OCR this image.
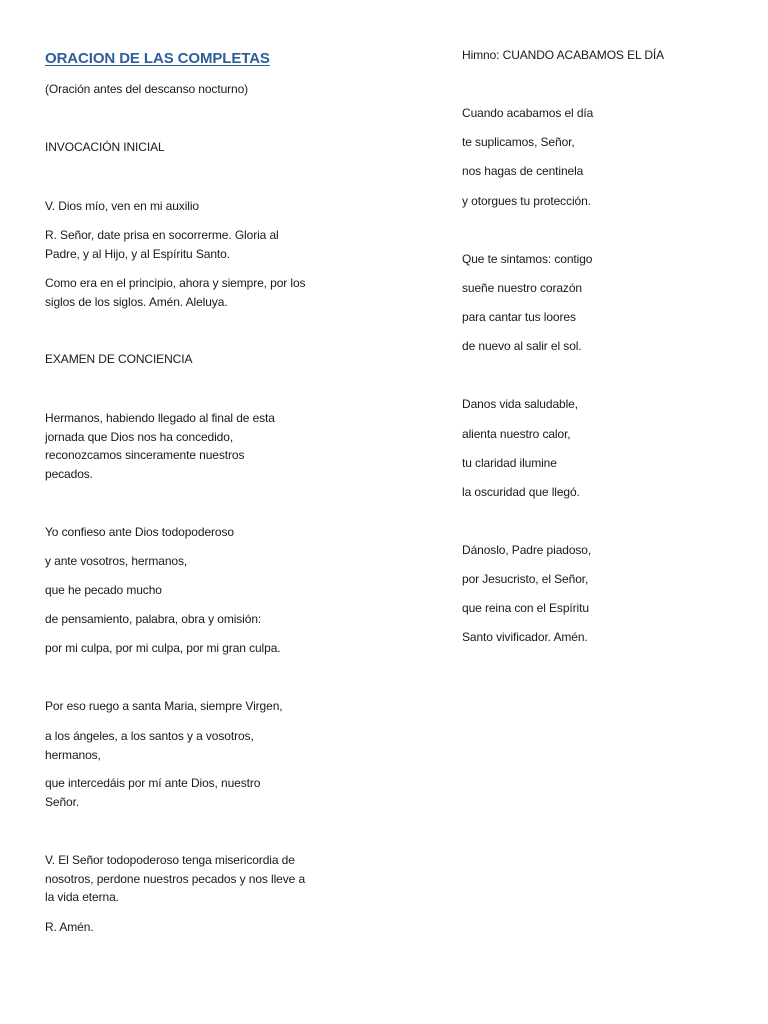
ORACION DE LAS COMPLETAS
(Oración antes del descanso nocturno)
INVOCACIÓN INICIAL
V. Dios mío, ven en mi auxilio
R. Señor, date prisa en socorrerme. Gloria al Padre, y al Hijo, y al Espíritu Santo.
Como era en el principio, ahora y siempre, por los siglos de los siglos. Amén. Aleluya.
EXAMEN DE CONCIENCIA
Hermanos, habiendo llegado al final de esta jornada que Dios nos ha concedido, reconozcamos sinceramente nuestros pecados.
Yo confieso ante Dios todopoderoso
y ante vosotros, hermanos,
que he pecado mucho
de pensamiento, palabra, obra y omisión:
por mi culpa, por mi culpa, por mi gran culpa.
Por eso ruego a santa Maria, siempre Virgen,
a los ángeles, a los santos y a vosotros, hermanos,
que intercedáis por mí ante Dios, nuestro Señor.
V. El Señor todopoderoso tenga misericordia de nosotros, perdone nuestros pecados y nos lleve a la vida eterna.
R. Amén.
Himno: CUANDO ACABAMOS EL DÍA
Cuando acabamos el día
te suplicamos, Señor,
nos hagas de centinela
y otorgues tu protección.
Que te sintamos: contigo
sueñe nuestro corazón
para cantar tus loores
de nuevo al salir el sol.
Danos vida saludable,
alienta nuestro calor,
tu claridad ilumine
la oscuridad que llegó.
Dánoslo, Padre piadoso,
por Jesucristo, el Señor,
que reina con el Espíritu
Santo vivificador. Amén.
